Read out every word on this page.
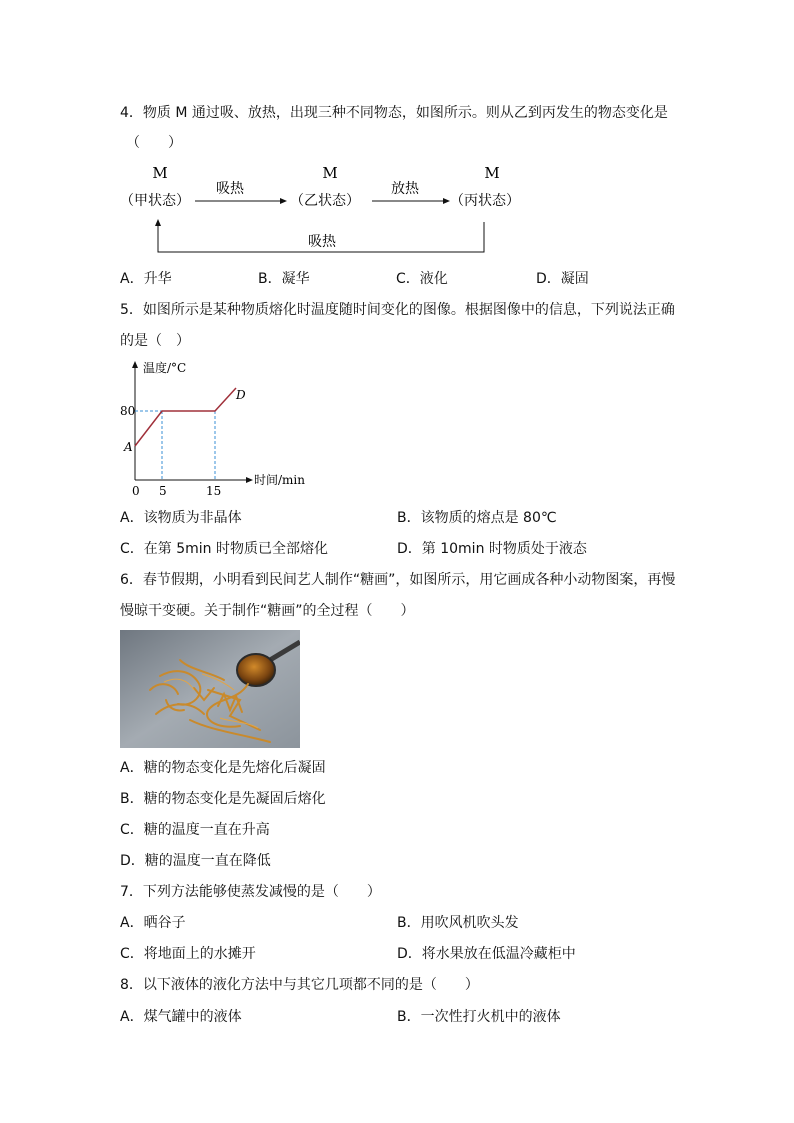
4．物质 M 通过吸、放热，出现三种不同物态，如图所示。则从乙到丙发生的物态变化是
（　　）
M
（甲状态）
M
（乙状态）
M
（丙状态）
吸热	放热
吸热
A．升华	B．凝华	C．液化	D．凝固
5．如图所示是某种物质熔化时温度随时间变化的图像。根据图像中的信息，下列说法正确
的是（　）
温度/°C
时间/min
80
A
D
0 5	15
A．该物质为非晶体	B．该物质的熔点是 80℃
C．在第 5min 时物质已全部熔化	D．第 10min 时物质处于液态
6．春节假期，小明看到民间艺人制作“糖画”，如图所示，用它画成各种小动物图案，再慢
慢晾干变硬。关于制作“糖画”的全过程（　　）
A．糖的物态变化是先熔化后凝固
B．糖的物态变化是先凝固后熔化
C．糖的温度一直在升高
D．糖的温度一直在降低
7．下列方法能够使蒸发减慢的是（　　）
A．晒谷子	B．用吹风机吹头发
C．将地面上的水摊开	D．将水果放在低温冷藏柜中
8．以下液体的液化方法中与其它几项都不同的是（　　）
A．煤气罐中的液体	B．一次性打火机中的液体
